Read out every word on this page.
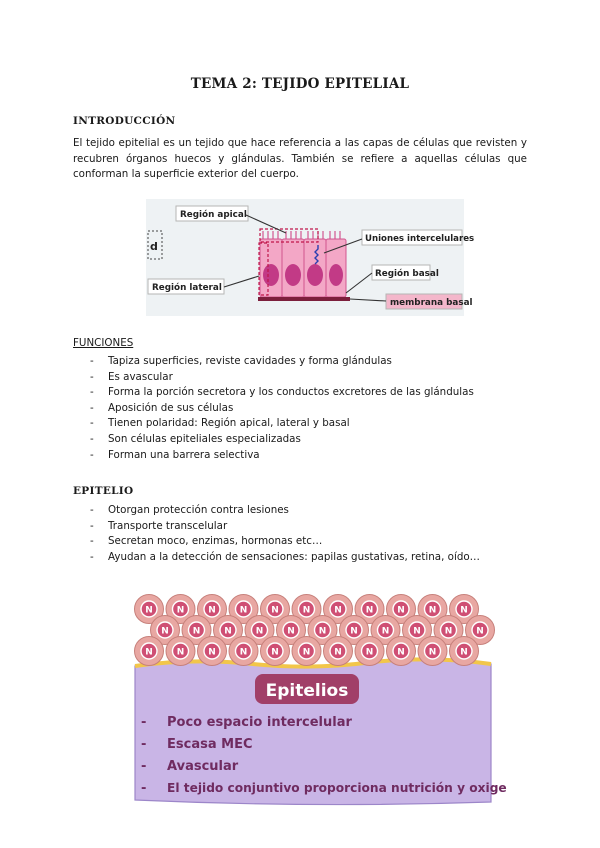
TEMA 2: TEJIDO EPITELIAL
INTRODUCCIÓN
El tejido epitelial es un tejido que hace referencia a las capas de células que revisten y recubren órganos huecos y glándulas. También se refiere a aquellas células que conforman la superficie exterior del cuerpo.
d
Región apical
Región lateral
Uniones intercelulares
Región basal
membrana basal
FUNCIONES
- Tapiza superficies, reviste cavidades y forma glándulas
- Es avascular
- Forma la porción secretora y los conductos excretores de las glándulas
- Aposición de sus células
- Tienen polaridad: Región apical, lateral y basal
- Son células epiteliales especializadas
- Forman una barrera selectiva
EPITELIO
- Otorgan protección contra lesiones
- Transporte transcelular
- Secretan moco, enzimas, hormonas etc…
- Ayudan a la detección de sensaciones: papilas gustativas, retina, oído…
N	N	N	N	N	N	N	N	N	N	N
N	N	N	N	N	N	N	N	N	N	N
N	N	N	N	N	N	N	N	N	N	N
Epitelios
-
-
-
-
Poco espacio intercelular
Escasa MEC
Avascular
El tejido conjuntivo proporciona nutrición y oxige
